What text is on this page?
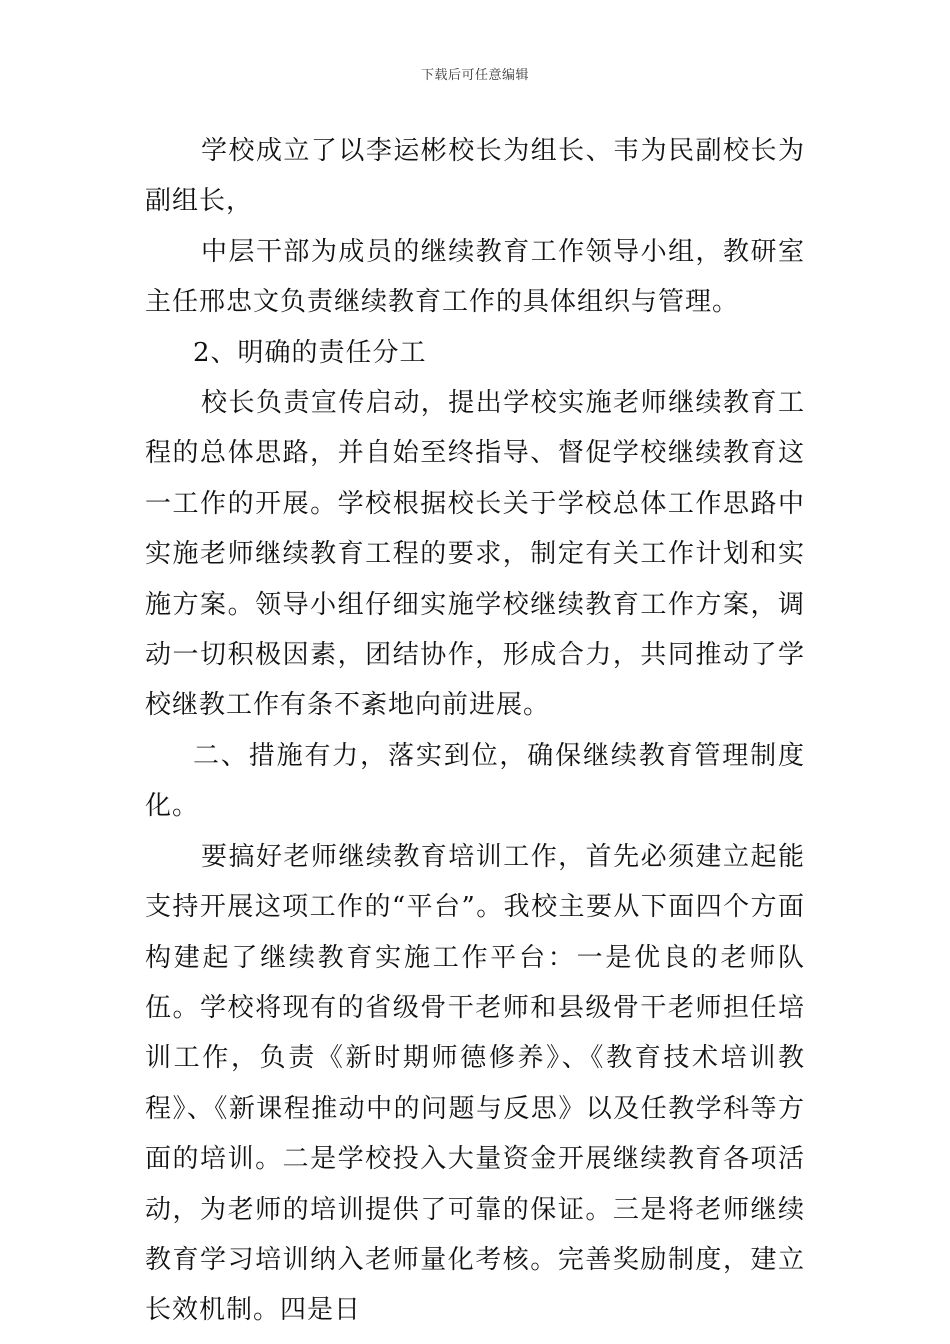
下载后可任意编辑

学校成立了以李运彬校长为组长、韦为民副校长为副组长，

中层干部为成员的继续教育工作领导小组，教研室主任邢忠文负责继续教育工作的具体组织与管理。

2、明确的责任分工

校长负责宣传启动，提出学校实施老师继续教育工程的总体思路，并自始至终指导、督促学校继续教育这一工作的开展。学校根据校长关于学校总体工作思路中实施老师继续教育工程的要求，制定有关工作计划和实施方案。领导小组仔细实施学校继续教育工作方案，调动一切积极因素，团结协作，形成合力，共同推动了学校继教工作有条不紊地向前进展。

二、措施有力，落实到位，确保继续教育管理制度化。

要搞好老师继续教育培训工作，首先必须建立起能支持开展这项工作的“平台”。我校主要从下面四个方面构建起了继续教育实施工作平台：一是优良的老师队伍。学校将现有的省级骨干老师和县级骨干老师担任培训工作，负责《新时期师德修养》、《教育技术培训教程》、《新课程推动中的问题与反思》以及任教学科等方面的培训。二是学校投入大量资金开展继续教育各项活动，为老师的培训提供了可靠的保证。三是将老师继续教育学习培训纳入老师量化考核。完善奖励制度，建立长效机制。四是日
